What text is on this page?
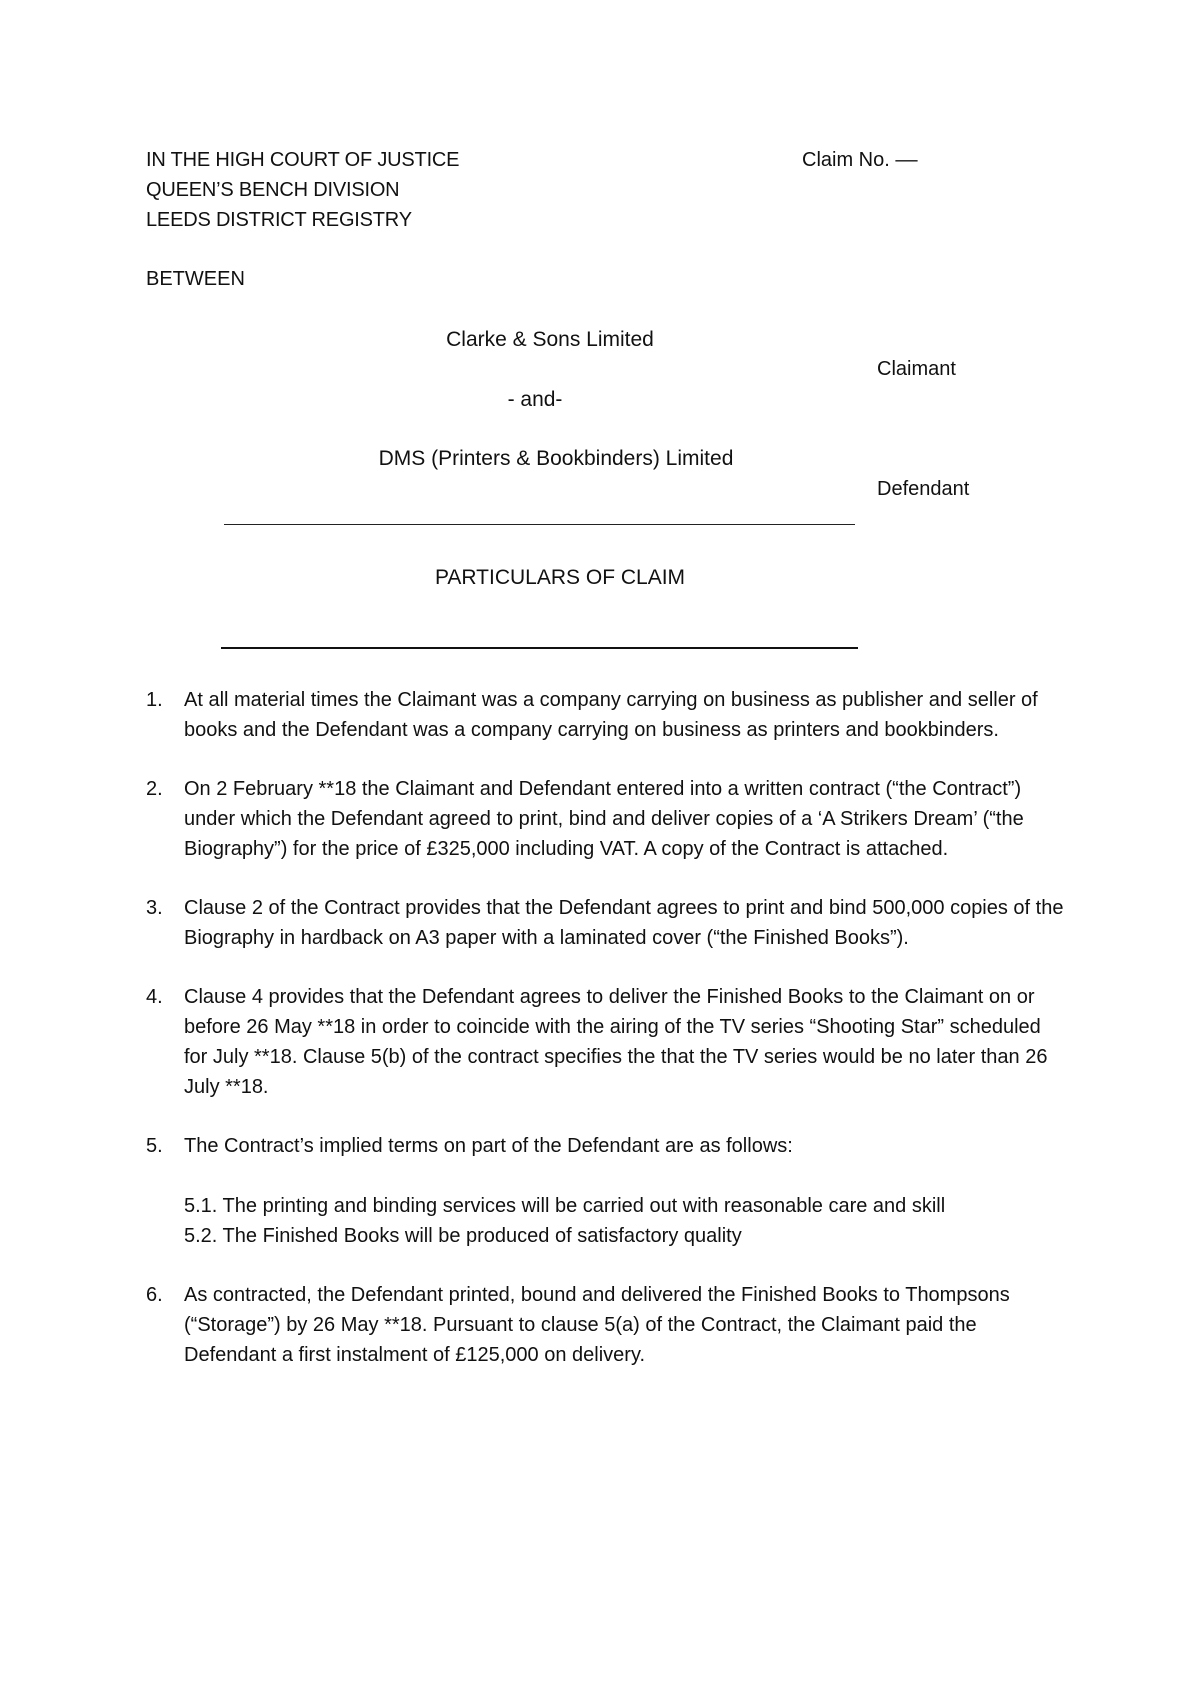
IN THE HIGH COURT OF JUSTICE
QUEEN’S BENCH DIVISION
LEEDS DISTRICT REGISTRY
Claim No. ––
BETWEEN
Clarke & Sons Limited
Claimant
- and-
DMS (Printers & Bookbinders) Limited
Defendant
PARTICULARS OF CLAIM
1. At all material times the Claimant was a company carrying on business as publisher and seller of books and the Defendant was a company carrying on business as printers and bookbinders.
2. On 2 February **18 the Claimant and Defendant entered into a written contract (“the Contract”) under which the Defendant agreed to print, bind and deliver copies of a ‘A Strikers Dream’ (“the Biography”) for the price of £325,000 including VAT. A copy of the Contract is attached.
3. Clause 2 of the Contract provides that the Defendant agrees to print and bind 500,000 copies of the Biography in hardback on A3 paper with a laminated cover (“the Finished Books”).
4. Clause 4 provides that the Defendant agrees to deliver the Finished Books to the Claimant on or before 26 May **18 in order to coincide with the airing of the TV series “Shooting Star” scheduled for July **18. Clause 5(b) of the contract specifies the that the TV series would be no later than 26 July **18.
5. The Contract’s implied terms on part of the Defendant are as follows:
5.1. The printing and binding services will be carried out with reasonable care and skill
5.2. The Finished Books will be produced of satisfactory quality
6. As contracted, the Defendant printed, bound and delivered the Finished Books to Thompsons (“Storage”) by 26 May **18. Pursuant to clause 5(a) of the Contract, the Claimant paid the Defendant a first instalment of £125,000 on delivery.
